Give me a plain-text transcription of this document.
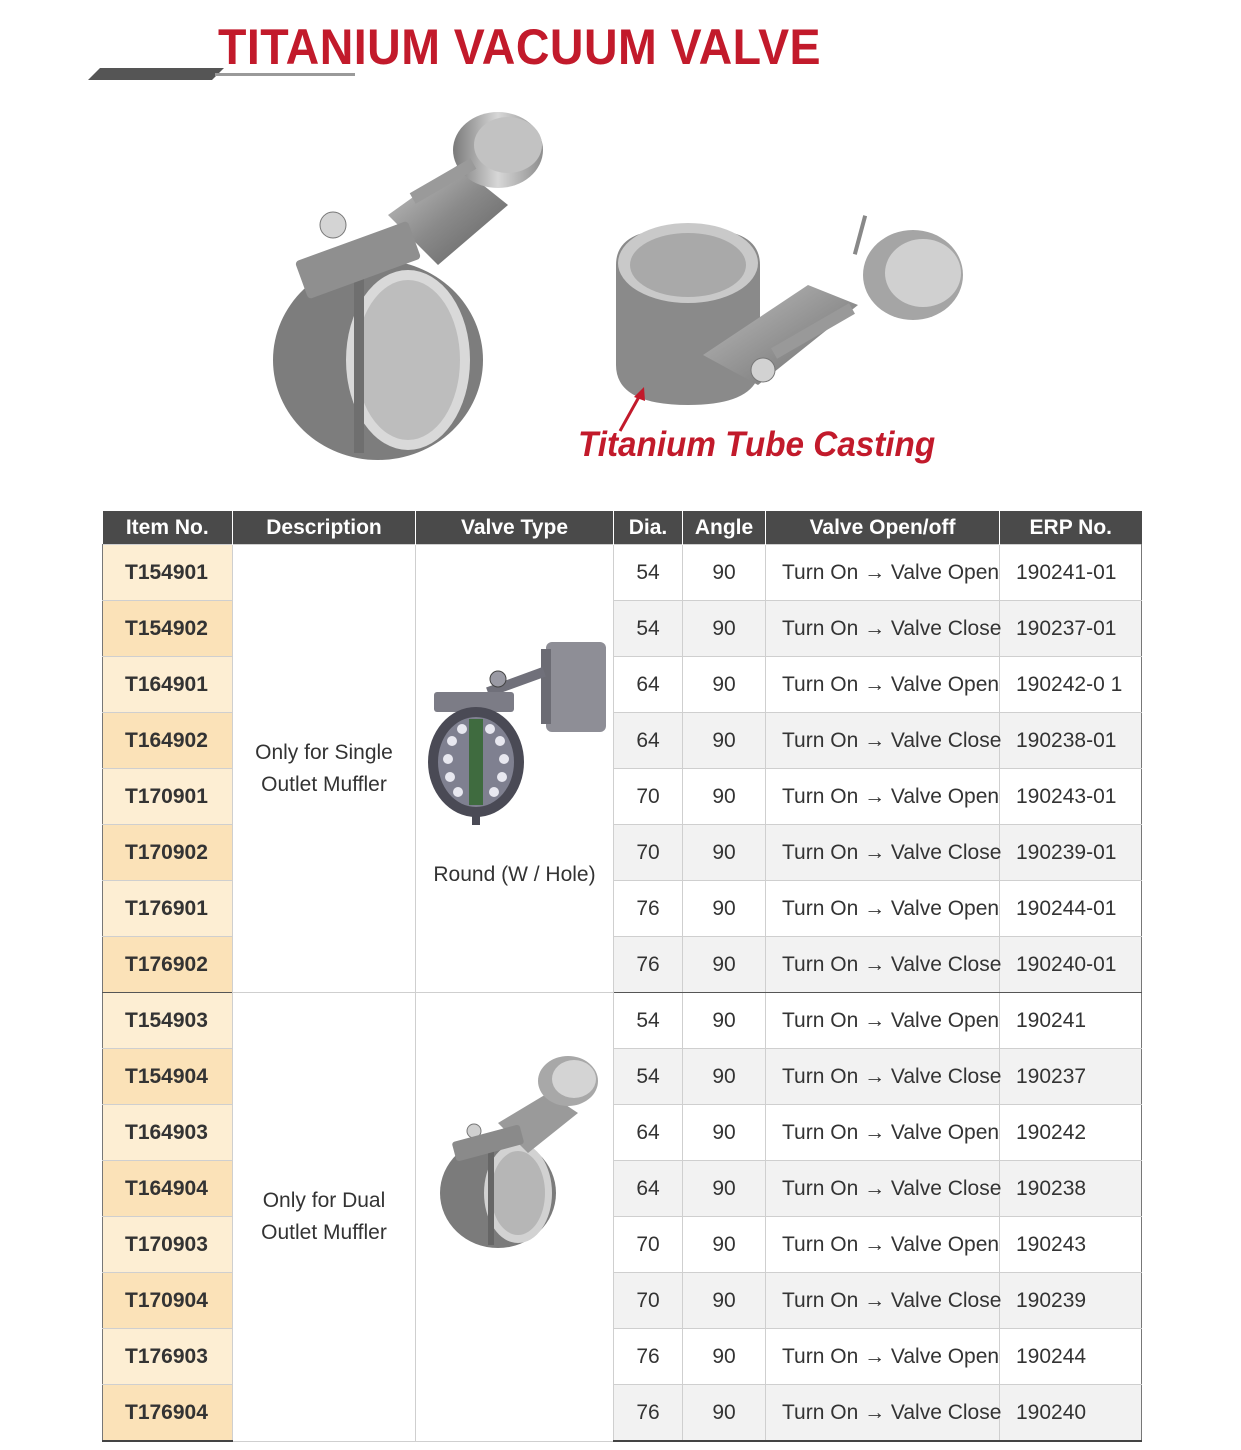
TITANIUM VACUUM VALVE
Titanium Tube Casting
Item No.	Description	Valve Type	Dia.	Angle	Valve Open/off	ERP No.
T154901	Only for Single Outlet Muffler	Round (W / Hole)	54	90	Turn On → Valve Open	190241-01
T154902			54	90	Turn On → Valve Close	190237-01
T164901			64	90	Turn On → Valve Open	190242-0 1
T164902			64	90	Turn On → Valve Close	190238-01
T170901			70	90	Turn On → Valve Open	190243-01
T170902			70	90	Turn On → Valve Close	190239-01
T176901			76	90	Turn On → Valve Open	190244-01
T176902			76	90	Turn On → Valve Close	190240-01
T154903	Only for Dual Outlet Muffler		54	90	Turn On → Valve Open	190241
T154904			54	90	Turn On → Valve Close	190237
T164903			64	90	Turn On → Valve Open	190242
T164904			64	90	Turn On → Valve Close	190238
T170903			70	90	Turn On → Valve Open	190243
T170904			70	90	Turn On → Valve Close	190239
T176903			76	90	Turn On → Valve Open	190244
T176904			76	90	Turn On → Valve Close	190240
